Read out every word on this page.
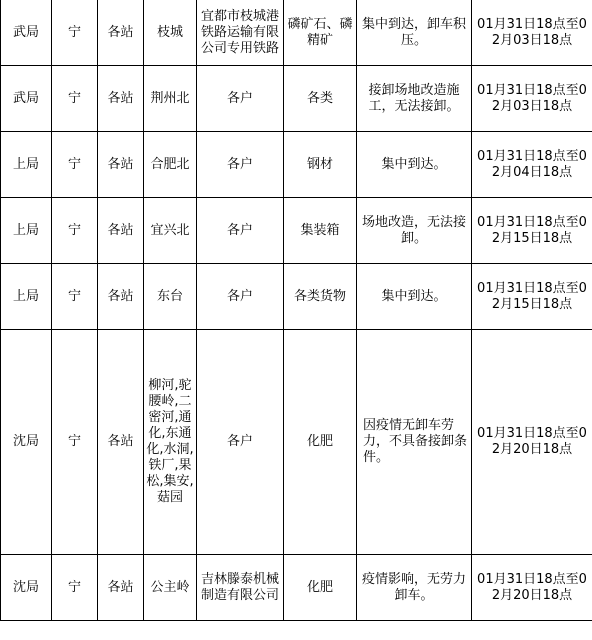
武局	宁	各站	枝城	宜都市枝城港铁路运输有限公司专用铁路	磷矿石、磷精矿	集中到达，卸车积压。	01月31日18点至02月03日18点
武局	宁	各站	荆州北	各户	各类	接卸场地改造施工，无法接卸。	01月31日18点至02月03日18点
上局	宁	各站	合肥北	各户	钢材	集中到达。	01月31日18点至02月04日18点
上局	宁	各站	宜兴北	各户	集装箱	场地改造，无法接卸。	01月31日18点至02月15日18点
上局	宁	各站	东台	各户	各类货物	集中到达。	01月31日18点至02月15日18点
沈局	宁	各站	柳河,驼腰岭,二密河,通化,东通化,水洞,铁厂,果松,集安,菇园	各户	化肥	因疫情无卸车劳力，不具备接卸条件。	01月31日18点至02月20日18点
沈局	宁	各站	公主岭	吉林滕泰机械制造有限公司	化肥	疫情影响，无劳力卸车。	01月31日18点至02月20日18点
